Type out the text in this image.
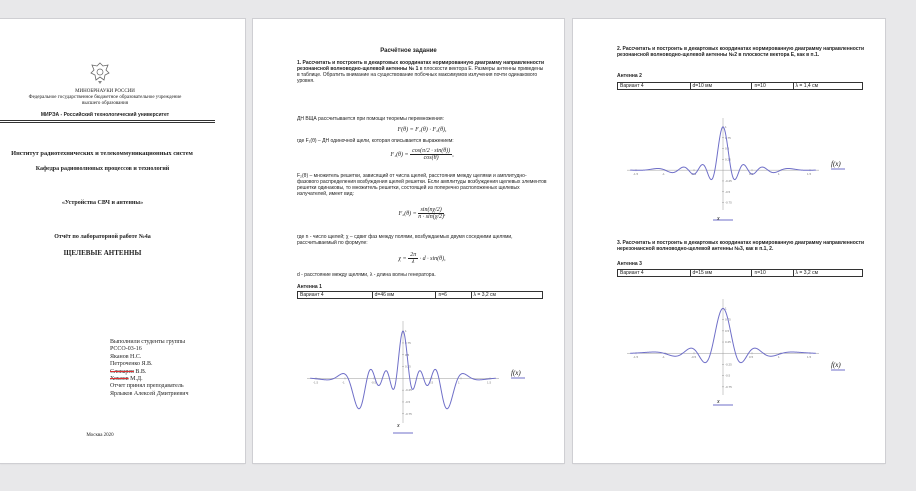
МИНОБРНАУКИ РОССИИ
Федеральное государственное бюджетное образовательное учреждение
высшего образования
МИРЭА - Российский технологический университет
Институт радиотехнических и телекоммуникационных систем
Кафедра радиоволновых процессов и технологий
«Устройства СВЧ и антенны»
Отчёт по лабораторной работе №4а
ЩЕЛЕВЫЕ АНТЕННЫ
Выполнили студенты группы
РССО-03-16
Яканов Н.С.
Петроченко Я.В.
Словарев В.В.
Хохлов М.Д.
Отчет принял преподаватель
Ярлыков Алексей Дмитриевич
Москва 2020
Расчётное задание
1. Рассчитать и построить в декартовых координатах нормированную диаграмму направленности резонансной волноводно-щелевой антенны № 1 в плоскости вектора E. Размеры антенны приведены в таблице. Обратить внимание на существование побочных максимумов излучения почти одинакового уровня.
ДН ВЩА рассчитывается при помощи теоремы перемножения:
F(θ) = F₁(θ) · F₂(θ),
где F₁(θ) – ДН одиночной щели, которая описывается выражением:
$F_1(\theta) = \frac{\cos(\pi/2 \cdot \sin(\theta))}{\cos(\theta)}$ ,
F₂(θ) – множитель решетки, зависящий от числа щелей, расстояния между щелями и амплитудно-фазового распределения возбуждения щелей решетки. Если амплитуды возбуждения щелевых элементов решетки одинаковы, то множитель решетки, состоящей из поперечно расположенных щелевых излучателей, имеет вид:
$F_2(\theta) = \frac{\sin(n\chi/2)}{n \cdot \sin(\chi/2)}$ ,
где n - число щелей; χ – сдвиг фаз между полями, возбуждаемых двумя соседними щелями, рассчитываемый по формуле:
$\chi = \frac{2\pi}{\lambda} \cdot d \cdot \sin(\theta)$,
d - расстояние между щелями, λ - длина волны генератора.
Антенна 1
Вариант 4	d=46 мм	n=6	λ = 3,2 см
1
0.75
0.5
0.25
-0.25
-0.5
-0.75
1.5
1
0.5
-0.5
-1
-1.5
f(x)
x
2. Рассчитать и построить в декартовых координатах нормированную диаграмму направленности резонансной волноводно-щелевой антенны №2 в плоскости вектора E, как в п.1.
Антенна 2
Вариант 4	d=10 мм	n=10	λ = 1,4 см
1
0.75
0.5
0.25
-0.25
-0.5
-0.75
1.5
1
0.5
-0.5
-1
-1.5
f(x)
x
3. Рассчитать и построить в декартовых координатах нормированную диаграмму направленности нерезонансной волноводно-щелевой антенны №3, как в п.1, 2.
Антенна 3
Вариант 4	d=15 мм	n=10	λ = 3,2 см
1
0.75
0.5
0.25
-0.25
-0.5
-0.75
1.5
1
0.5
-0.5
-1
-1.5
f(x)
x
